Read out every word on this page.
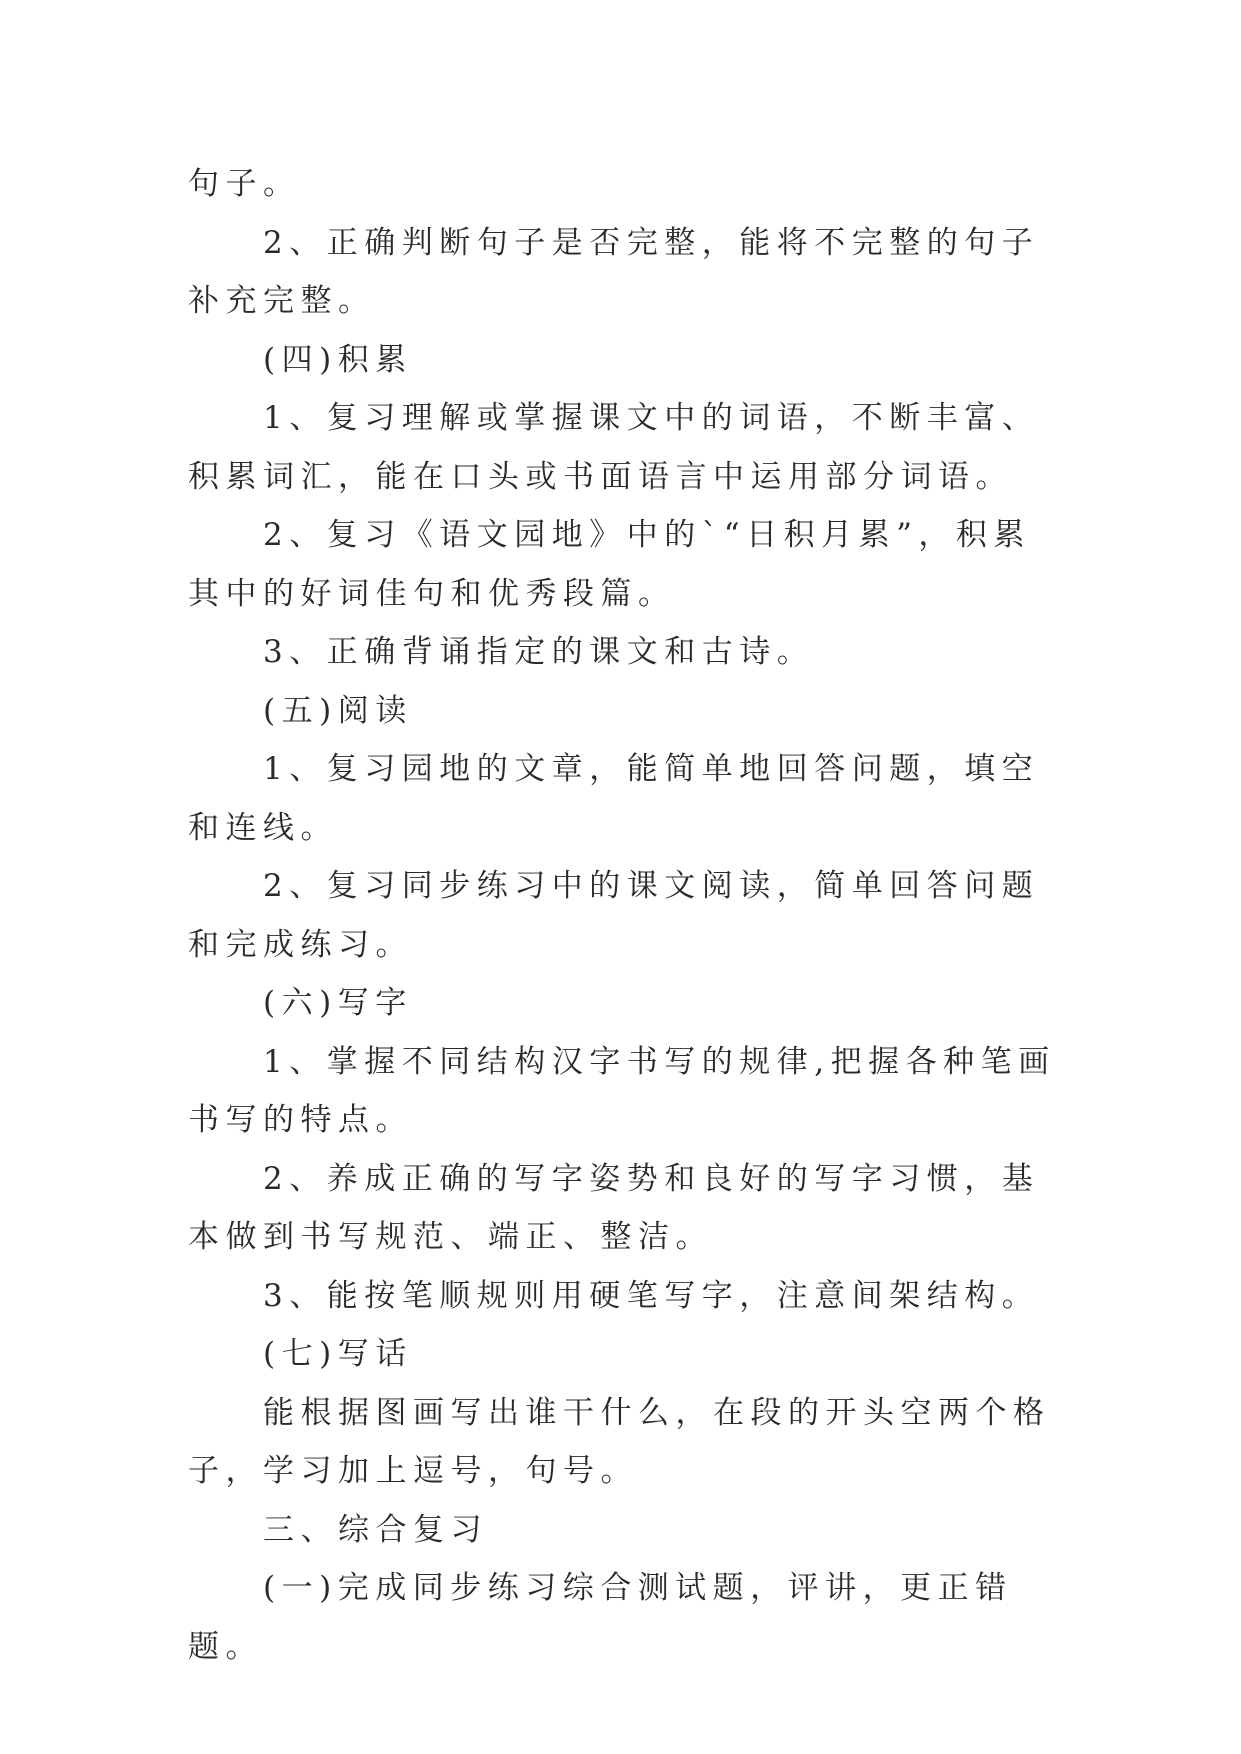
句子。

2、正确判断句子是否完整，能将不完整的句子补充完整。

(四)积累

1、复习理解或掌握课文中的词语，不断丰富、积累词汇，能在口头或书面语言中运用部分词语。

2、复习《语文园地》中的`“日积月累”，积累其中的好词佳句和优秀段篇。

3、正确背诵指定的课文和古诗。

(五)阅读

1、复习园地的文章，能简单地回答问题，填空和连线。

2、复习同步练习中的课文阅读，简单回答问题和完成练习。

(六)写字

1、掌握不同结构汉字书写的规律,把握各种笔画书写的特点。

2、养成正确的写字姿势和良好的写字习惯，基本做到书写规范、端正、整洁。

3、能按笔顺规则用硬笔写字，注意间架结构。

(七)写话

能根据图画写出谁干什么，在段的开头空两个格子，学习加上逗号，句号。

三、综合复习

(一)完成同步练习综合测试题，评讲，更正错题。
